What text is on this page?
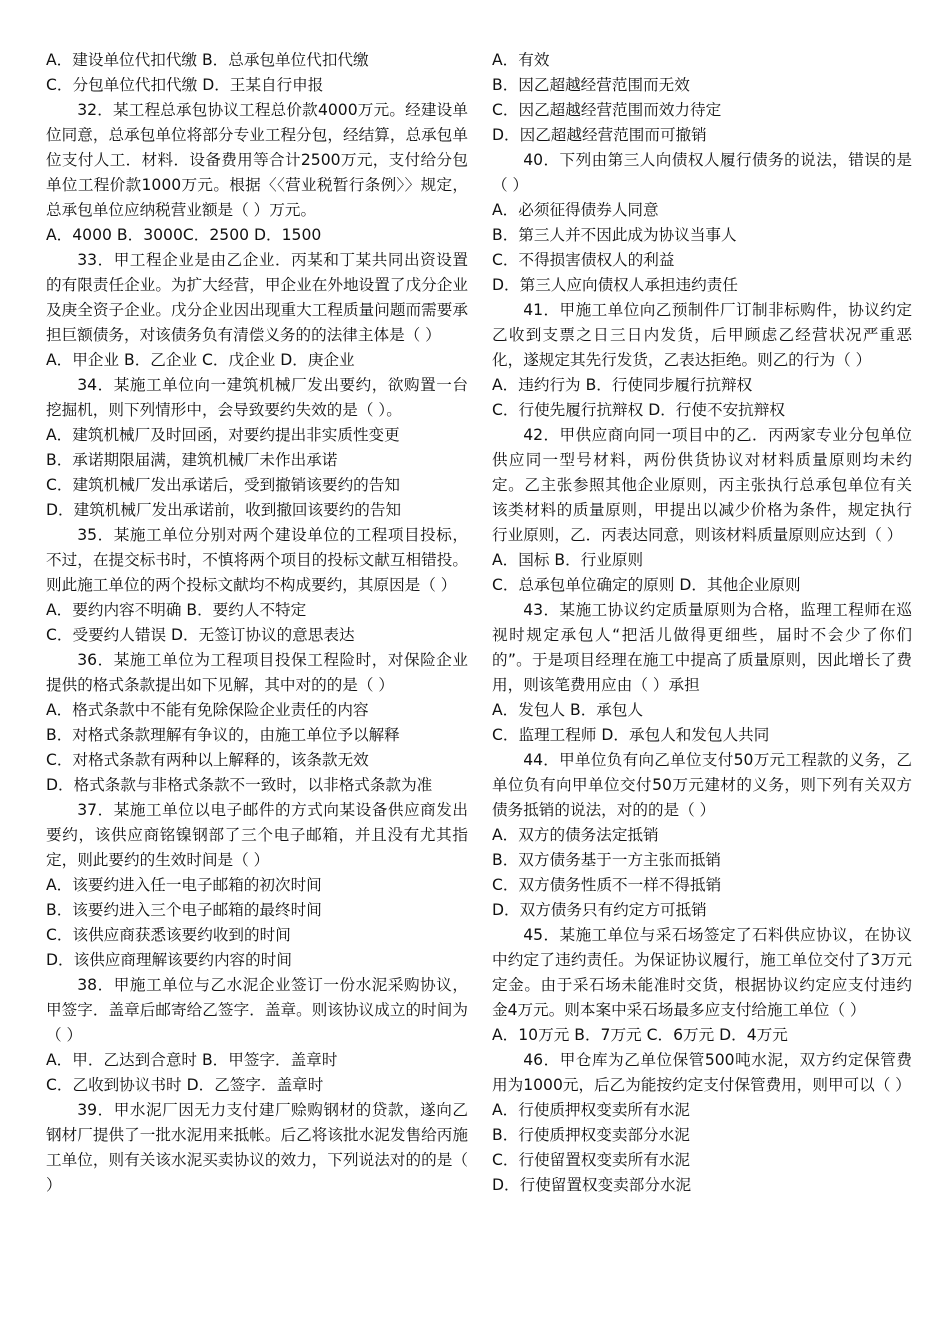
A．建设单位代扣代缴 B．总承包单位代扣代缴

C．分包单位代扣代缴 D．王某自行申报

32．某工程总承包协议工程总价款4000万元。经建设单位同意，总承包单位将部分专业工程分包，经结算，总承包单位支付人工．材料．设备费用等合计2500万元，支付给分包单位工程价款1000万元。根据〈〈营业税暂行条例〉〉规定，总承包单位应纳税营业额是（ ）万元。

A．4000 B．3000C．2500 D．1500

33．甲工程企业是由乙企业．丙某和丁某共同出资设置的有限责任企业。为扩大经营，甲企业在外地设置了戊分企业及庚全资子企业。戊分企业因出现重大工程质量问题而需要承担巨额债务，对该债务负有清偿义务的的法律主体是（ ）

A．甲企业 B．乙企业 C．戊企业 D．庚企业

34．某施工单位向一建筑机械厂发出要约，欲购置一台挖掘机，则下列情形中，会导致要约失效的是（ ）。

A．建筑机械厂及时回函，对要约提出非实质性变更

B．承诺期限届满，建筑机械厂未作出承诺

C．建筑机械厂发出承诺后，受到撤销该要约的告知

D．建筑机械厂发出承诺前，收到撤回该要约的告知

35．某施工单位分别对两个建设单位的工程项目投标，不过，在提交标书时，不慎将两个项目的投标文献互相错投。则此施工单位的两个投标文献均不构成要约，其原因是（ ）

A．要约内容不明确 B．要约人不特定

C．受要约人错误 D．无签订协议的意思表达

36．某施工单位为工程项目投保工程险时，对保险企业提供的格式条款提出如下见解，其中对的的是（ ）

A．格式条款中不能有免除保险企业责任的内容

B．对格式条款理解有争议的，由施工单位予以解释

C．对格式条款有两种以上解释的，该条款无效

D．格式条款与非格式条款不一致时，以非格式条款为准

37．某施工单位以电子邮件的方式向某设备供应商发出要约，该供应商铭镍钢部了三个电子邮箱，并且没有尤其指定，则此要约的生效时间是（ ）

A．该要约进入任一电子邮箱的初次时间

B．该要约进入三个电子邮箱的最终时间

C．该供应商获悉该要约收到的时间

D．该供应商理解该要约内容的时间

38．甲施工单位与乙水泥企业签订一份水泥采购协议，甲签字．盖章后邮寄给乙签字．盖章。则该协议成立的时间为（ ）

A．甲．乙达到合意时 B．甲签字．盖章时

C．乙收到协议书时 D．乙签字．盖章时

39．甲水泥厂因无力支付建厂赊购钢材的贷款，遂向乙钢材厂提供了一批水泥用来抵帐。后乙将该批水泥发售给丙施工单位，则有关该水泥买卖协议的效力，下列说法对的的是（ ）

A．有效

B．因乙超越经营范围而无效

C．因乙超越经营范围而效力待定

D．因乙超越经营范围而可撤销

40．下列由第三人向债权人履行债务的说法，错误的是（ ）

A．必须征得债券人同意

B．第三人并不因此成为协议当事人

C．不得损害债权人的利益

D．第三人应向债权人承担违约责任

41．甲施工单位向乙预制件厂订制非标购件，协议约定乙收到支票之日三日内发货，后甲顾虑乙经营状况严重恶化，遂规定其先行发货，乙表达拒绝。则乙的行为（ ）

A．违约行为 B．行使同步履行抗辩权

C．行使先履行抗辩权 D．行使不安抗辩权

42．甲供应商向同一项目中的乙．丙两家专业分包单位供应同一型号材料，两份供货协议对材料质量原则均未约定。乙主张参照其他企业原则，丙主张执行总承包单位有关该类材料的质量原则，甲提出以减少价格为条件，规定执行行业原则，乙．丙表达同意，则该材料质量原则应达到（ ）

A．国标 B．行业原则

C．总承包单位确定的原则 D．其他企业原则

43．某施工协议约定质量原则为合格，监理工程师在巡视时规定承包人“把活儿做得更细些，届时不会少了你们的”。于是项目经理在施工中提高了质量原则，因此增长了费用，则该笔费用应由（ ）承担

A．发包人 B．承包人

C．监理工程师 D．承包人和发包人共同

44．甲单位负有向乙单位支付50万元工程款的义务，乙单位负有向甲单位交付50万元建材的义务，则下列有关双方债务抵销的说法，对的的是（ ）

A．双方的债务法定抵销

B．双方债务基于一方主张而抵销

C．双方债务性质不一样不得抵销

D．双方债务只有约定方可抵销

45．某施工单位与采石场签定了石料供应协议，在协议中约定了违约责任。为保证协议履行，施工单位交付了3万元定金。由于采石场未能准时交货，根据协议约定应支付违约金4万元。则本案中采石场最多应支付给施工单位（ ）

A．10万元 B．7万元 C．6万元 D．4万元

46．甲仓库为乙单位保管500吨水泥，双方约定保管费用为1000元，后乙为能按约定支付保管费用，则甲可以（ ）

A．行使质押权变卖所有水泥

B．行使质押权变卖部分水泥

C．行使留置权变卖所有水泥

D．行使留置权变卖部分水泥
